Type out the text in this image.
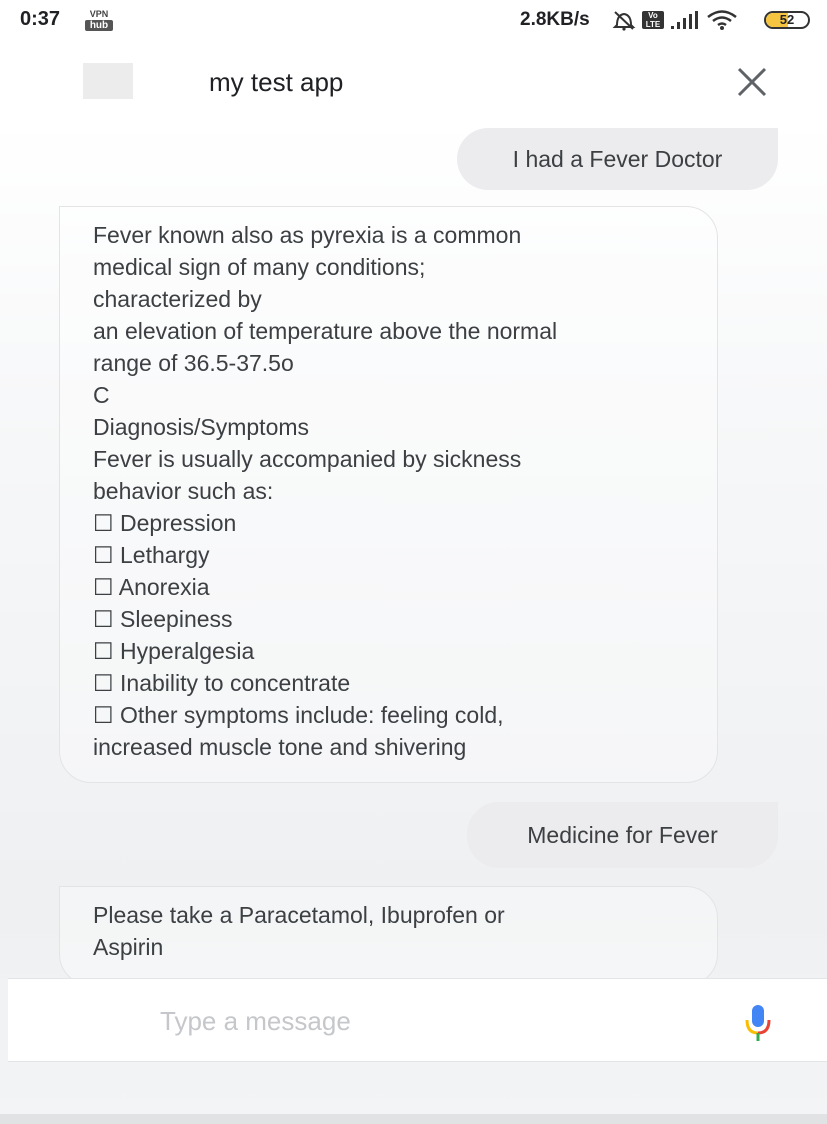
0:37	VPN
hub	2.8KB/s	Vo LTE	52
my test app
I had a Fever Doctor
Fever known also as pyrexia is a common
medical sign of many conditions;
characterized by
an elevation of temperature above the normal
range of 36.5-37.5o
C
Diagnosis/Symptoms
Fever is usually accompanied by sickness
behavior such as:
☐ Depression
☐ Lethargy
☐ Anorexia
☐ Sleepiness
☐ Hyperalgesia
☐ Inability to concentrate
☐ Other symptoms include: feeling cold,
increased muscle tone and shivering
Medicine for Fever
Please take a Paracetamol, Ibuprofen or
Aspirin
Type a message
